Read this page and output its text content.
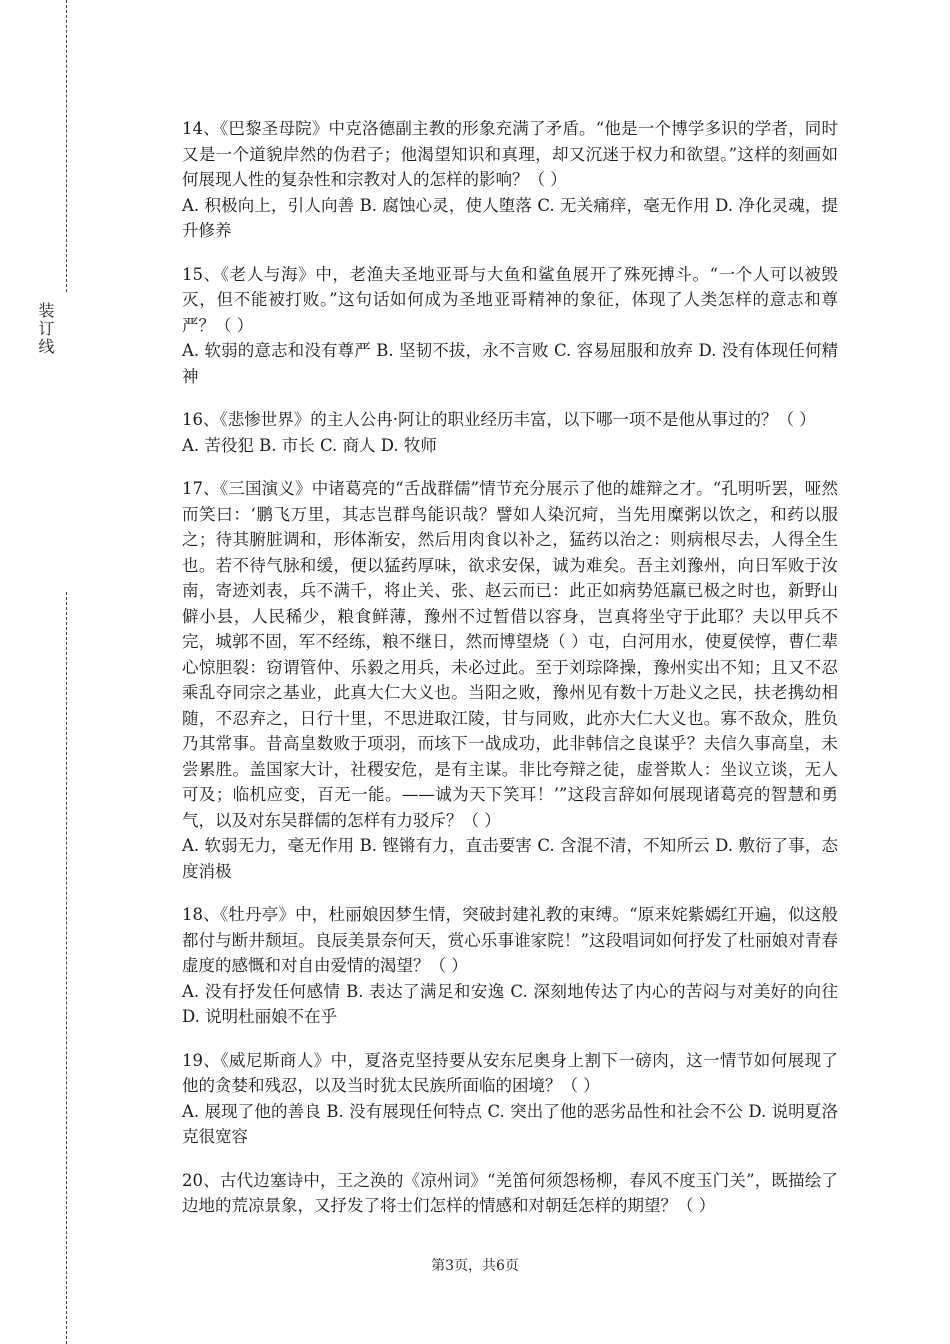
装订线

14、《巴黎圣母院》中克洛德副主教的形象充满了矛盾。“他是一个博学多识的学者，同时又是一个道貌岸然的伪君子；他渴望知识和真理，却又沉迷于权力和欲望。”这样的刻画如何展现人性的复杂性和宗教对人的怎样的影响？（ ）

A. 积极向上，引人向善 B. 腐蚀心灵，使人堕落 C. 无关痛痒，毫无作用 D. 净化灵魂，提升修养

15、《老人与海》中，老渔夫圣地亚哥与大鱼和鲨鱼展开了殊死搏斗。“一个人可以被毁灭，但不能被打败。”这句话如何成为圣地亚哥精神的象征，体现了人类怎样的意志和尊严？（ ）

A. 软弱的意志和没有尊严 B. 坚韧不拔，永不言败 C. 容易屈服和放弃 D. 没有体现任何精神

16、《悲惨世界》的主人公冉·阿让的职业经历丰富，以下哪一项不是他从事过的？（ ）

A. 苦役犯 B. 市长 C. 商人 D. 牧师

17、《三国演义》中诸葛亮的“舌战群儒”情节充分展示了他的雄辩之才。“孔明听罢，哑然而笑曰：‘鹏飞万里，其志岂群鸟能识哉？譬如人染沉疴，当先用糜粥以饮之，和药以服之；待其腑脏调和，形体渐安，然后用肉食以补之，猛药以治之：则病根尽去，人得全生也。若不待气脉和缓，便以猛药厚味，欲求安保，诚为难矣。吾主刘豫州，向日军败于汝南，寄迹刘表，兵不满千，将止关、张、赵云而已：此正如病势尩羸已极之时也，新野山僻小县，人民稀少，粮食鲜薄，豫州不过暂借以容身，岂真将坐守于此耶？夫以甲兵不完，城郭不固，军不经练，粮不继日，然而博望烧（ ）屯，白河用水，使夏侯惇，曹仁辈心惊胆裂：窃谓管仲、乐毅之用兵，未必过此。至于刘琮降操，豫州实出不知；且又不忍乘乱夺同宗之基业，此真大仁大义也。当阳之败，豫州见有数十万赴义之民，扶老携幼相随，不忍弃之，日行十里，不思进取江陵，甘与同败，此亦大仁大义也。寡不敌众，胜负乃其常事。昔高皇数败于项羽，而垓下一战成功，此非韩信之良谋乎？夫信久事高皇，未尝累胜。盖国家大计，社稷安危，是有主谋。非比夸辩之徒，虚誉欺人：坐议立谈，无人可及；临机应变，百无一能。——诚为天下笑耳！’”这段言辞如何展现诸葛亮的智慧和勇气，以及对东吴群儒的怎样有力驳斥？（ ）

A. 软弱无力，毫无作用 B. 铿锵有力，直击要害 C. 含混不清，不知所云 D. 敷衍了事，态度消极

18、《牡丹亭》中，杜丽娘因梦生情，突破封建礼教的束缚。“原来姹紫嫣红开遍，似这般都付与断井颓垣。良辰美景奈何天，赏心乐事谁家院！”这段唱词如何抒发了杜丽娘对青春虚度的感慨和对自由爱情的渴望？（ ）

A. 没有抒发任何感情 B. 表达了满足和安逸 C. 深刻地传达了内心的苦闷与对美好的向往 D. 说明杜丽娘不在乎

19、《威尼斯商人》中，夏洛克坚持要从安东尼奥身上割下一磅肉，这一情节如何展现了他的贪婪和残忍，以及当时犹太民族所面临的困境？（ ）

A. 展现了他的善良 B. 没有展现任何特点 C. 突出了他的恶劣品性和社会不公 D. 说明夏洛克很宽容

20、古代边塞诗中，王之涣的《凉州词》“羌笛何须怨杨柳，春风不度玉门关”，既描绘了边地的荒凉景象，又抒发了将士们怎样的情感和对朝廷怎样的期望？（ ）

第3页，共6页
